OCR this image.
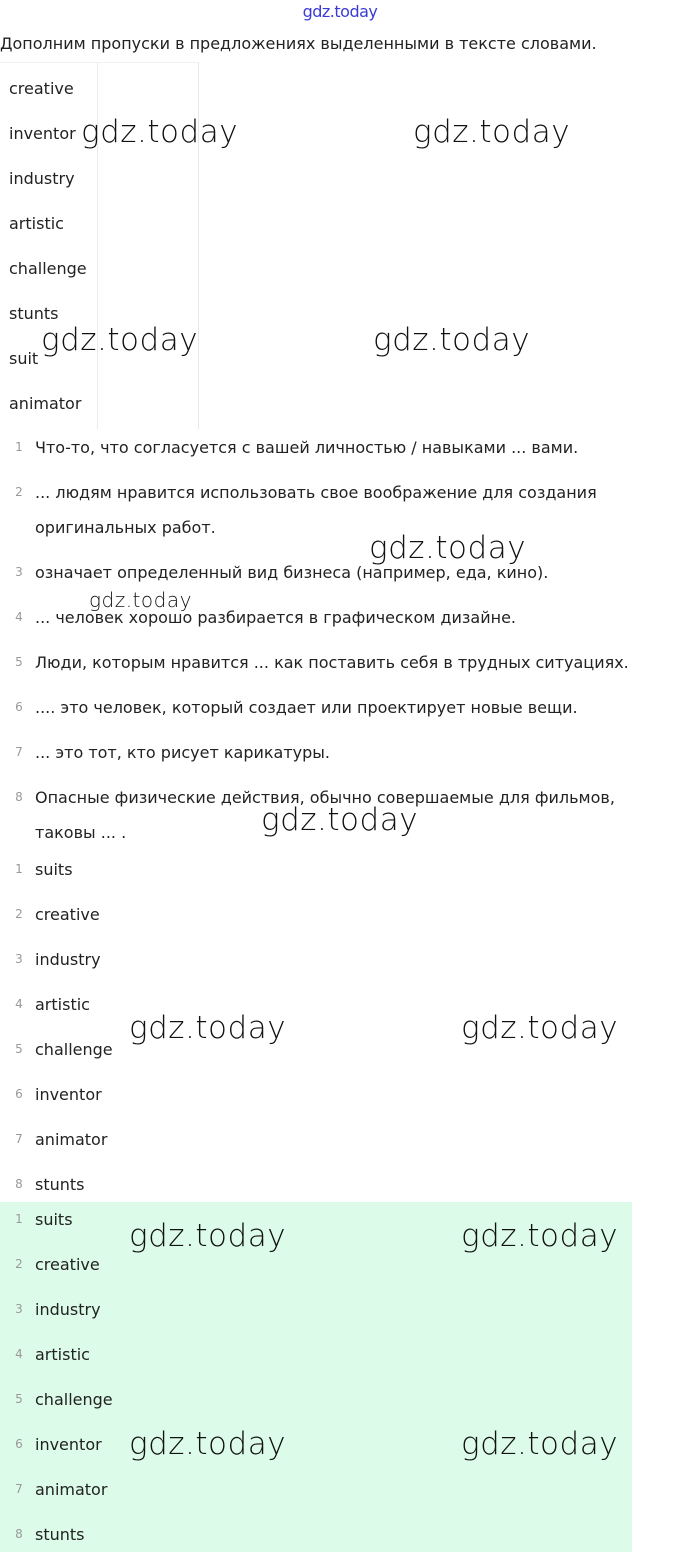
gdz.today
Дополним пропуски в предложениях выделенными в тексте словами.
creative
inventor
industry
artistic
challenge
stunts
suit
animator
1 Что-то, что согласуется с вашей личностью / навыками ... вами.
2 ... людям нравится использовать свое воображение для создания оригинальных работ.
3 означает определенный вид бизнеса (например, еда, кино).
4 ... человек хорошо разбирается в графическом дизайне.
5 Люди, которым нравится ... как поставить себя в трудных ситуациях.
6 .... это человек, который создает или проектирует новые вещи.
7 ... это тот, кто рисует карикатуры.
8 Опасные физические действия, обычно совершаемые для фильмов, таковы ... .
1 suits
2 creative
3 industry
4 artistic
5 challenge
6 inventor
7 animator
8 stunts
1 suits
2 creative
3 industry
4 artistic
5 challenge
6 inventor
7 animator
8 stunts
gdz.today	gdz.today
gdz.today	gdz.today
gdz.today
gdz.today
gdz.today
gdz.today	gdz.today
gdz.today	gdz.today
gdz.today	gdz.today
